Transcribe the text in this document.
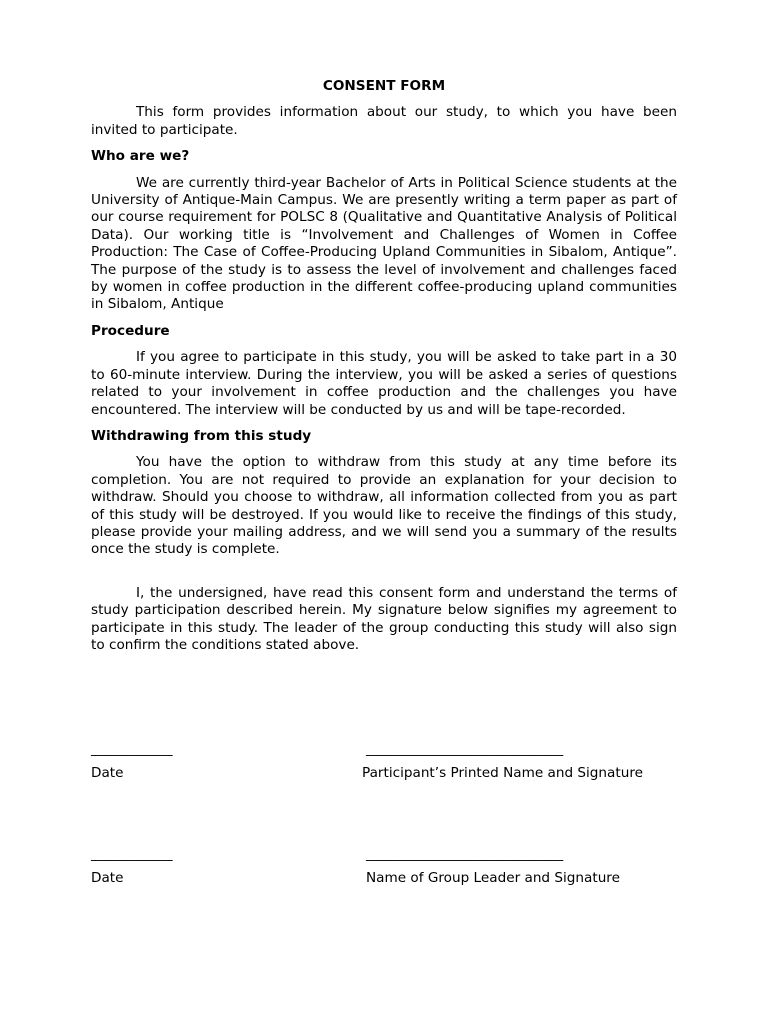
CONSENT FORM
This form provides information about our study, to which you have been invited to participate.
Who are we?
We are currently third-year Bachelor of Arts in Political Science students at the University of Antique-Main Campus. We are presently writing a term paper as part of our course requirement for POLSC 8 (Qualitative and Quantitative Analysis of Political Data). Our working title is “Involvement and Challenges of Women in Coffee Production: The Case of Coffee-Producing Upland Communities in Sibalom, Antique”. The purpose of the study is to assess the level of involvement and challenges faced by women in coffee production in the different coffee-producing upland communities in Sibalom, Antique
Procedure
If you agree to participate in this study, you will be asked to take part in a 30 to 60-minute interview. During the interview, you will be asked a series of questions related to your involvement in coffee production and the challenges you have encountered. The interview will be conducted by us and will be tape-recorded.
Withdrawing from this study
You have the option to withdraw from this study at any time before its completion. You are not required to provide an explanation for your decision to withdraw. Should you choose to withdraw, all information collected from you as part of this study will be destroyed. If you would like to receive the findings of this study, please provide your mailing address, and we will send you a summary of the results once the study is complete.
I, the undersigned, have read this consent form and understand the terms of study participation described herein. My signature below signifies my agreement to participate in this study. The leader of the group conducting this study will also sign to confirm the conditions stated above.
____________	_____________________________
Date	Participant’s Printed Name and Signature
____________	_____________________________
Date	Name of Group Leader and Signature
